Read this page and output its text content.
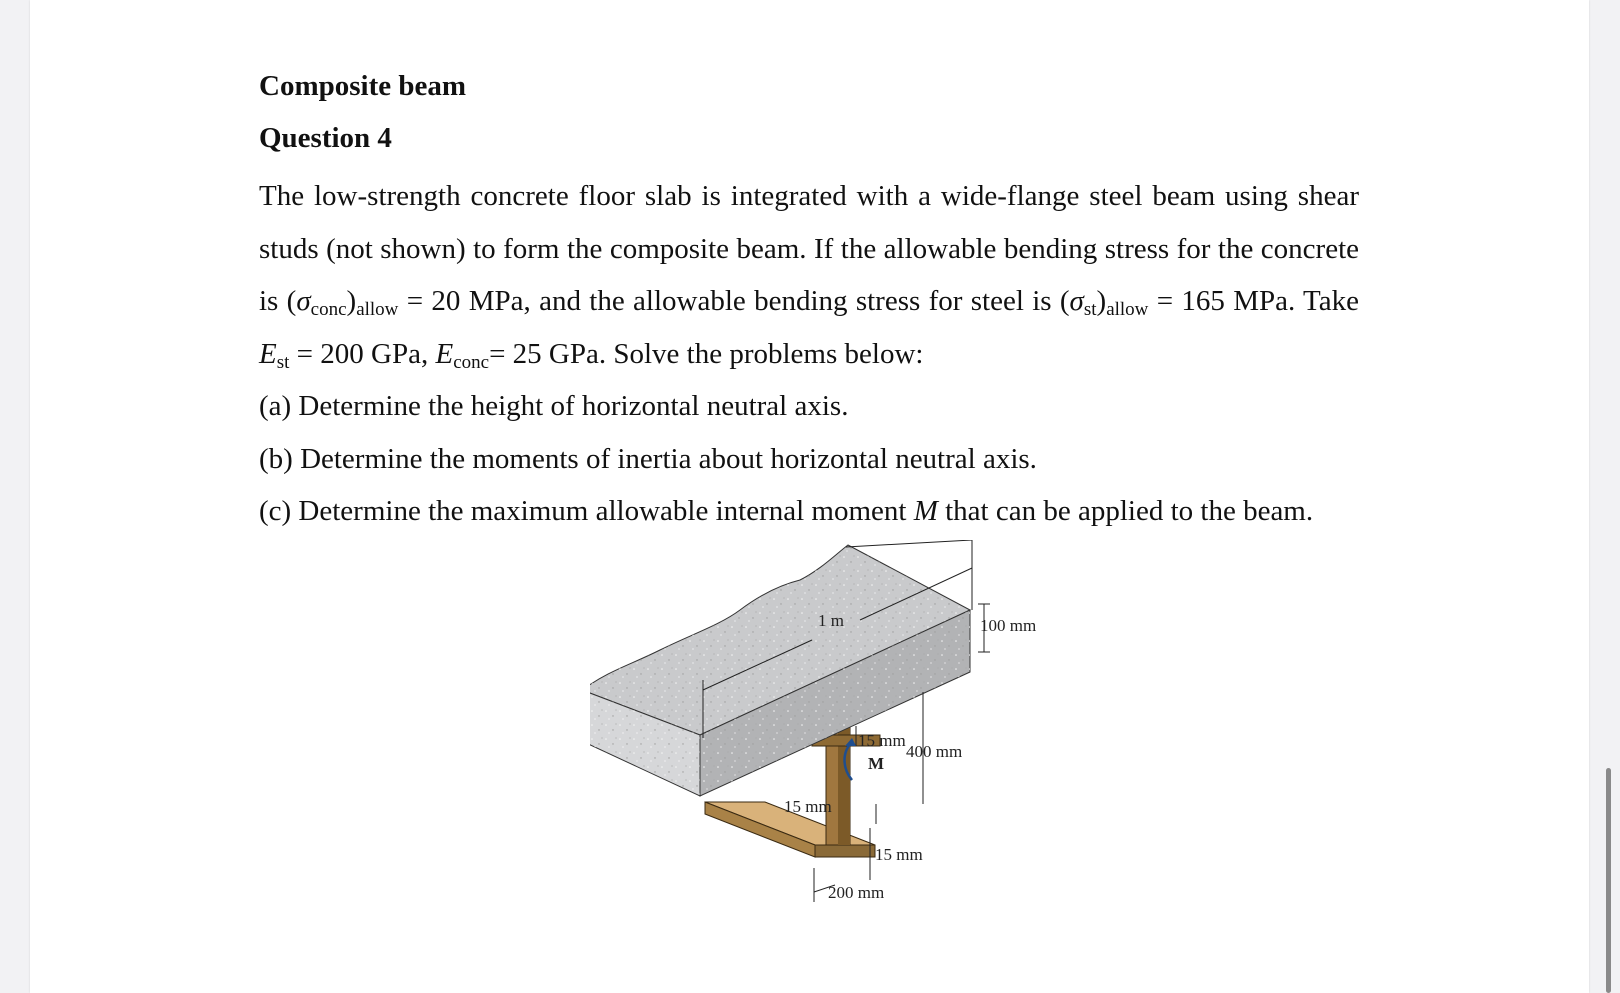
Composite beam

Question 4

The low-strength concrete floor slab is integrated with a wide-flange steel beam using shear studs (not shown) to form the composite beam. If the allowable bending stress for the concrete is $(\sigma_{conc})_{allow} = 20$ MPa, and the allowable bending stress for steel is $(\sigma_{st})_{allow} = 165$ MPa. Take $E_{st} = 200$ GPa, $E_{conc}= 25$ GPa. Solve the problems below:

(a) Determine the height of horizontal neutral axis.

(b) Determine the moments of inertia about horizontal neutral axis.

(c) Determine the maximum allowable internal moment M that can be applied to the beam.

1 m	100 mm
15 mm
400 mm
M
15 mm
15 mm
200 mm
